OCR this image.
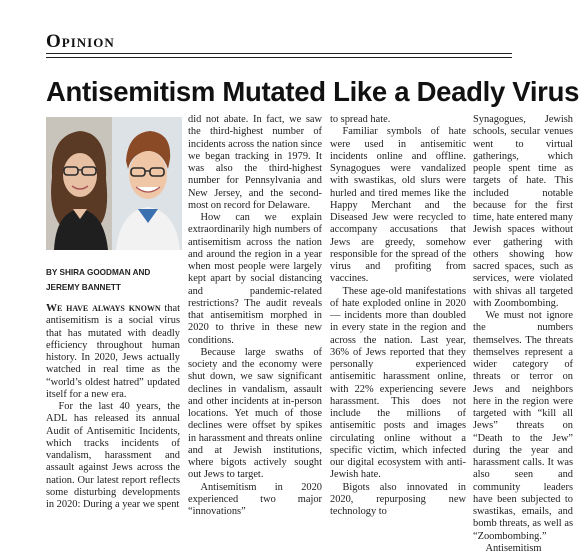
Opinion
Antisemitism Mutated Like a Deadly Virus
BY SHIRA GOODMAN AND
JEREMY BANNETT

We have always known that antisemitism is a social virus that has mutated with deadly efficiency throughout human history. In 2020, Jews actually watched in real time as the “world’s oldest hatred” updated itself for a new era.

For the last 40 years, the ADL has released its annual Audit of Antisemitic Incidents, which tracks incidents of vandalism, harassment and assault against Jews across the nation. Our latest report reflects some disturbing developments in 2020: During a year we spent

did not abate. In fact, we saw the third-highest number of incidents across the nation since we began tracking in 1979. It was also the third-highest number for Pennsylvania and New Jersey, and the second-most on record for Delaware.

How can we explain extraordinarily high numbers of antisemitism across the nation and around the region in a year when most people were largely kept apart by social distancing and pandemic-related restrictions? The audit reveals that antisemitism morphed in 2020 to thrive in these new conditions.

Because large swaths of society and the economy were shut down, we saw significant declines in vandalism, assault and other incidents at in-person locations. Yet much of those declines were offset by spikes in harassment and threats online and at Jewish institutions, where bigots actively sought out Jews to target.

Antisemitism in 2020 experienced two major “innovations”

to spread hate.

Familiar symbols of hate were used in antisemitic incidents online and offline. Synagogues were vandalized with swastikas, old slurs were hurled and tired memes like the Happy Merchant and the Diseased Jew were recycled to accompany accusations that Jews are greedy, somehow responsible for the spread of the virus and profiting from vaccines.

These age-old manifestations of hate exploded online in 2020 — incidents more than doubled in every state in the region and across the nation. Last year, 36% of Jews reported that they personally experienced antisemitic harassment online, with 22% experiencing severe harassment. This does not include the millions of antisemitic posts and images circulating online without a specific victim, which infected our digital ecosystem with anti-Jewish hate.

Bigots also innovated in 2020, repurposing new technology to

Synagogues, Jewish schools, secular venues went to virtual gatherings, which people spent time as targets of hate. This included notable because for the first time, hate entered many Jewish spaces without ever gathering with others showing how sacred spaces, such as services, were violated with shivas all targeted with Zoombombing.

We must not ignore the numbers themselves. The threats themselves represent a wider category of threats or terror on Jews and neighbors here in the region were targeted with “kill all Jews” threats on “Death to the Jew” during the year and harassment calls. It was also seen and community leaders have been subjected to swastikas, emails, and bomb threats, as well as “Zoombombing.”

Antisemitism
